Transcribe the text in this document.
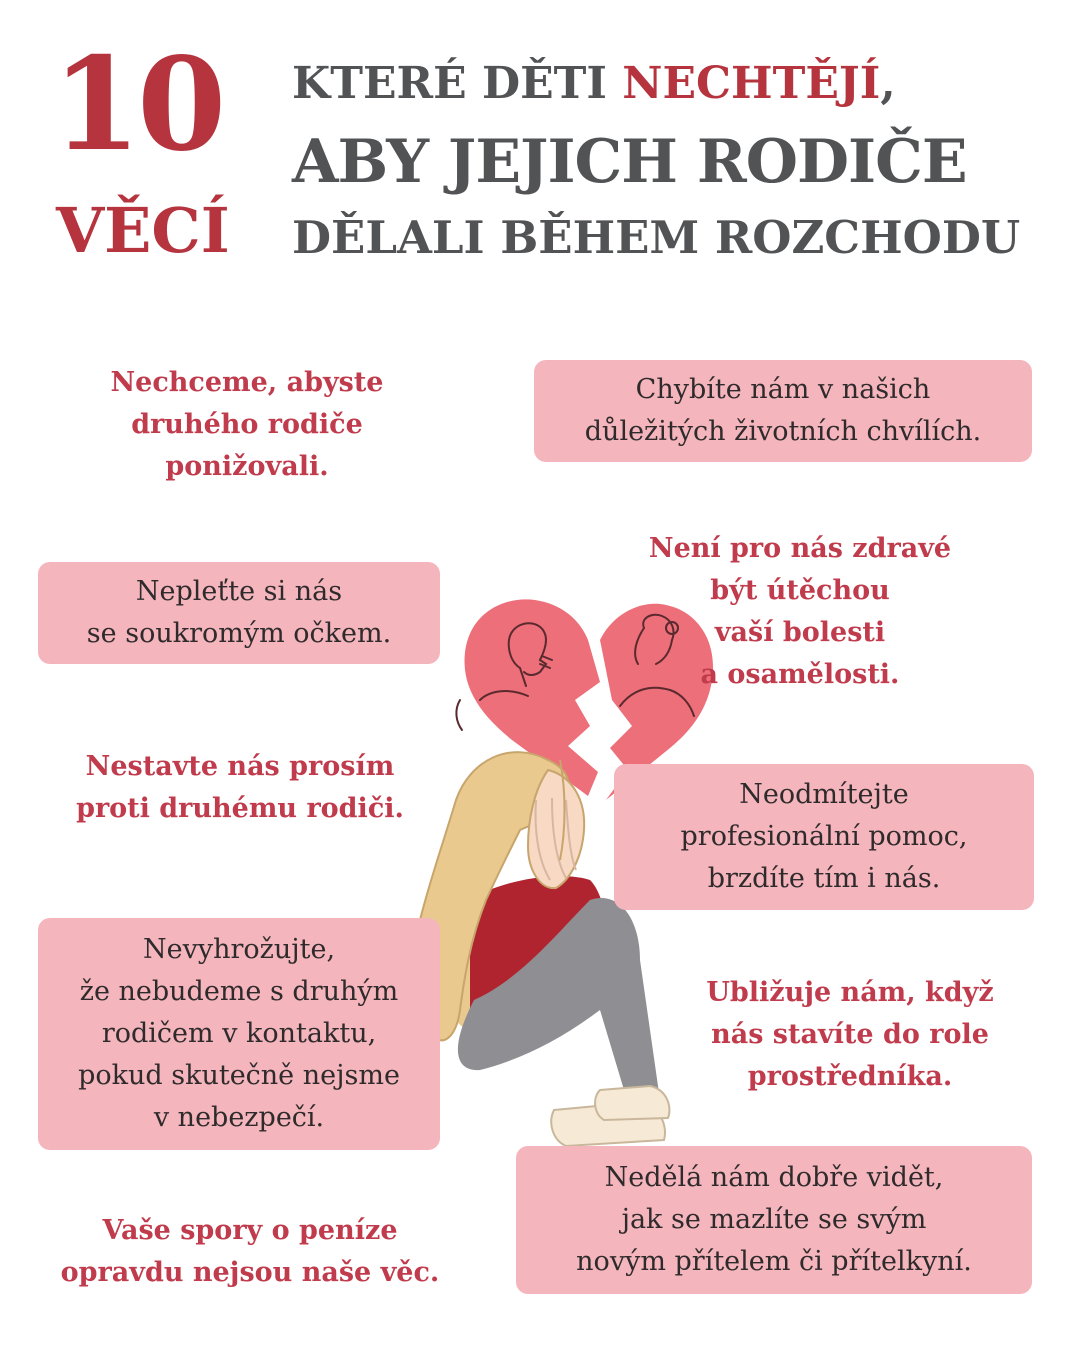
10
VĚCÍ
KTERÉ DĚTI NECHTĚJÍ,
ABY JEJICH RODIČE
DĚLALI BĚHEM ROZCHODU
Nechceme, abyste
druhého rodiče
ponižovali.
Nepleťte si nás
se soukromým očkem.
Nestavte nás prosím
proti druhému rodiči.
Nevyhrožujte,
že nebudeme s druhým
rodičem v kontaktu,
pokud skutečně nejsme
v nebezpečí.
Vaše spory o peníze
opravdu nejsou naše věc.
Chybíte nám v našich
důležitých životních chvílích.
Není pro nás zdravé
být útěchou
vaší bolesti
a osamělosti.
Neodmítejte
profesionální pomoc,
brzdíte tím i nás.
Ubližuje nám, když
nás stavíte do role
prostředníka.
Nedělá nám dobře vidět,
jak se mazlíte se svým
novým přítelem či přítelkyní.
